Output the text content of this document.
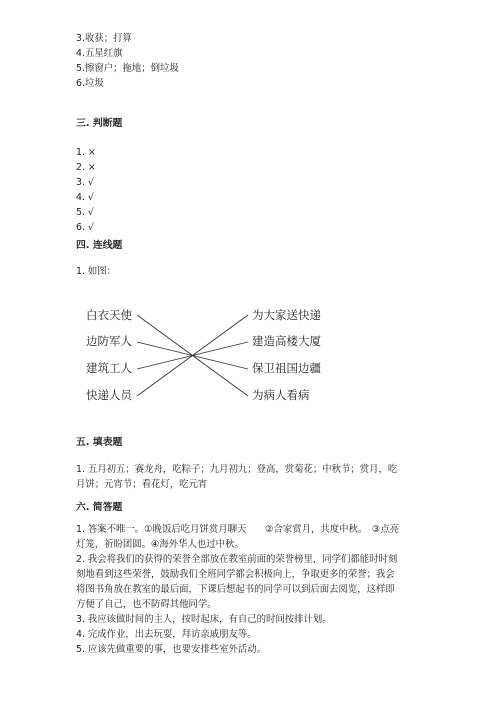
3.收获；打算
4.五星红旗
5.擦窗户；拖地；倒垃圾
6.垃圾
三. 判断题
1. ×
2. ×
3. √
4. √
5. √
6. √
四. 连线题
1. 如图：
白衣天使
边防军人
建筑工人
快递人员
为大家送快递
建造高楼大厦
保卫祖国边疆
为病人看病
五. 填表题
1. 五月初五；赛龙舟，吃粽子；九月初九；登高，赏菊花；中秋节；赏月，吃
月饼；元宵节；看花灯，吃元宵
六. 简答题
1. 答案不唯一。①晚饭后吃月饼赏月聊天　　②合家赏月，共度中秋。　③点亮
灯笼，祈盼团圆。④海外华人也过中秋。
2. 我会将我们的获得的荣誉全部放在教室前面的荣誉榜里，同学们都能时时刻
刻地看到这些荣誉，鼓励我们全班同学都会积极向上，争取更多的荣誉；我会
将图书角放在教室的最后面，下课后想起书的同学可以到后面去阅览，这样即
方便了自己，也不防碍其他同学。
3. 我应该做时间的主人，按时起床，有自己的时间按排计划。
4. 完成作业，出去玩耍，拜访亲戚朋友等。
5. 应该先做重要的事，也要安排些室外活动。
